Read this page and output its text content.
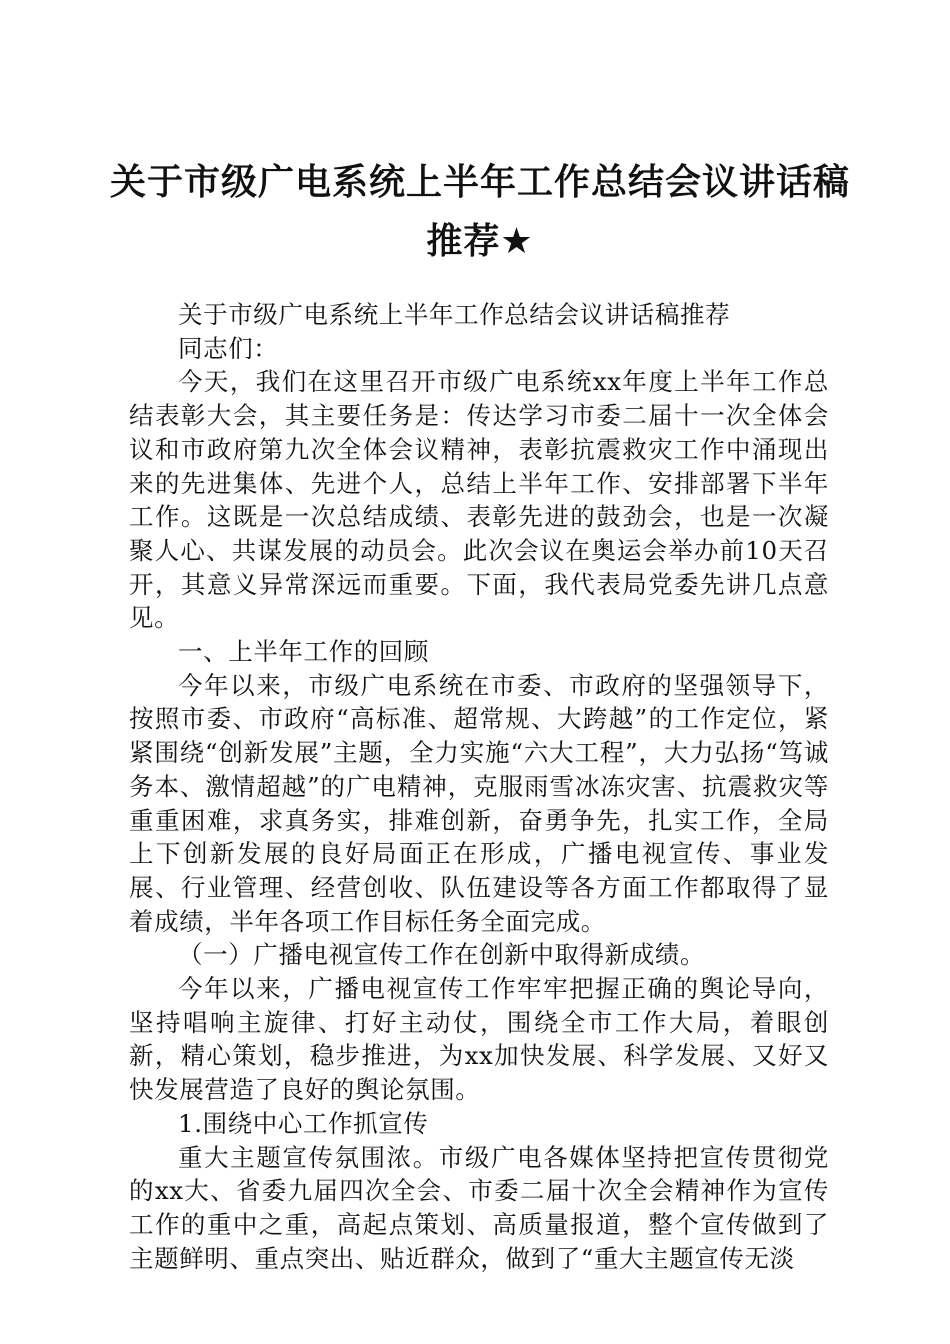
关于市级广电系统上半年工作总结会议讲话稿
推荐★

关于市级广电系统上半年工作总结会议讲话稿推荐

同志们：

今天，我们在这里召开市级广电系统xx年度上半年工作总结表彰大会，其主要任务是：传达学习市委二届十一次全体会议和市政府第九次全体会议精神，表彰抗震救灾工作中涌现出来的先进集体、先进个人，总结上半年工作、安排部署下半年工作。这既是一次总结成绩、表彰先进的鼓劲会，也是一次凝聚人心、共谋发展的动员会。此次会议在奥运会举办前10天召开，其意义异常深远而重要。下面，我代表局党委先讲几点意见。

一、上半年工作的回顾

今年以来，市级广电系统在市委、市政府的坚强领导下，按照市委、市政府“高标准、超常规、大跨越”的工作定位，紧紧围绕“创新发展”主题，全力实施“六大工程”，大力弘扬“笃诚务本、激情超越”的广电精神，克服雨雪冰冻灾害、抗震救灾等重重困难，求真务实，排难创新，奋勇争先，扎实工作，全局上下创新发展的良好局面正在形成，广播电视宣传、事业发展、行业管理、经营创收、队伍建设等各方面工作都取得了显着成绩，半年各项工作目标任务全面完成。

（一）广播电视宣传工作在创新中取得新成绩。

今年以来，广播电视宣传工作牢牢把握正确的舆论导向，坚持唱响主旋律、打好主动仗，围绕全市工作大局，着眼创新，精心策划，稳步推进，为xx加快发展、科学发展、又好又快发展营造了良好的舆论氛围。

1.围绕中心工作抓宣传

重大主题宣传氛围浓。市级广电各媒体坚持把宣传贯彻党的xx大、省委九届四次全会、市委二届十次全会精神作为宣传工作的重中之重，高起点策划、高质量报道，整个宣传做到了主题鲜明、重点突出、贴近群众，做到了“重大主题宣传无淡
